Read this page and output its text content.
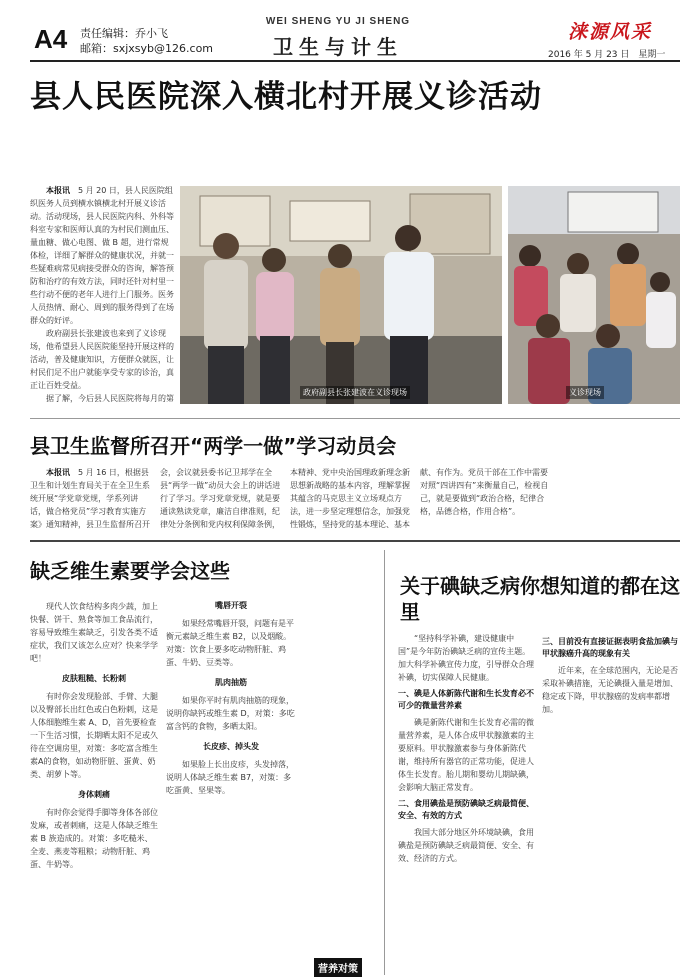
A4 责任编辑：乔小飞
邮箱：sxjxsyb@126.com
WEI SHENG YU JI SHENG
卫生与计生
涞源风采
2016 年 5 月 23 日　星期一
县人民医院深入横北村开展义诊活动

本报讯　 5 月 20 日，县人民医院组织医务人员到横水镇横北村开展义诊活动。活动现场，县人民医院内科、外科等科室专家和医师认真的为村民们测血压、量血糖、做心电图、做 B 超，进行常规体检，详细了解群众的健康状况，并就一些疑难病常见病接受群众的咨询，解答预防和治疗的有效方法，同时还针对村里一些行动不便的老年人进行上门服务。医务人员热情、耐心、周到的服务得到了在场群众的好评。

政府副县长张建波也来到了义诊现场，他希望县人民医院能坚持开展这样的活动，普及健康知识，方便群众就医，让村民们足不出户就能享受专家的诊治，真正让百姓受益。

据了解，今后县人民医院将每月的第

政府副县长张建波在义诊现场	义诊现场
县卫生监督所召开“两学一做”学习动员会

本报讯　 5 月 16 日，根据县卫生和计划生育局关于在全卫生系统开展“学党章党规，学系列讲话，做合格党员”学习教育实施方案》通知精神，县卫生监督所召开

会，会议就县委书记卫邦学在全县“两学一做”动员大会上的讲话进行了学习。学习党章党规，就是要通读熟读党章，廉洁自律准则，纪律处分条例和党内权利保障条例，

本精神、党中央治国理政新理念新思想新战略的基本内容，理解掌握其蕴含的马克思主义立场观点方法，进一步坚定理想信念，加强党性锻炼，坚持党的基本理论、基本

献、有作为。党员干部在工作中需要对照“四讲四有”来衡量自己，检视自己，就是要做到“政治合格，纪律合格，品德合格，作用合格”。

缺乏维生素要学会这些

现代人饮食结构多肉少蔬，加上快餐、饼干、熟食等加工食品流行，容易导致维生素缺乏，引发各类不适症状，我们又该怎么应对？快来学学吧！

皮肤粗糙、长粉刺

有时你会发现脸部、手臂、大腿以及臀部长出红色或白色粉刺，这是人体细胞维生素 A、D，首先要检查一下生活习惯，长期晒太阳不足或久待在空调房里，对策：多吃富含维生素A的食物，如动物肝脏、蛋黄、奶类、胡萝卜等。

身体刺痛

有时你会觉得手脚等身体各部位发麻，或者刺痛，这是人体缺乏维生素 B 族造成的。对策：多吃糙米、全麦、燕麦等粗粮；动物肝脏、鸡蛋、牛奶等。

嘴唇开裂

如果经常嘴唇开裂，问题有是平衡元素缺乏维生素 B2，以及烟酸。对策：饮食上要多吃动物肝脏、鸡蛋、牛奶、豆类等。

肌肉抽筋

如果你平时有肌肉抽筋的现象，说明你缺钙或维生素 D，对策：多吃富含钙的食物，多晒太阳。

长皮疹、掉头发

如果脸上长出皮疹，头发掉落，说明人体缺乏维生素 B7，对策：多吃蛋黄、坚果等。

营养对策
关于碘缺乏病你想知道的都在这里

“坚持科学补碘，建设健康中国”是今年防治碘缺乏病的宣传主题。加大科学补碘宣传力度，引导群众合理补碘，切实保障人民健康。

一、碘是人体新陈代谢和生长发育必不可少的微量营养素

碘是新陈代谢和生长发育必需的微量营养素，是人体合成甲状腺激素的主要原料。甲状腺激素参与身体新陈代谢，维持所有器官的正常功能，促进人体生长发育。胎儿期和婴幼儿期缺碘，会影响大脑正常发育。

二、食用碘盐是预防碘缺乏病最简便、安全、有效的方式

我国大部分地区外环境缺碘，食用碘盐是预防碘缺乏病最简便、安全、有效、经济的方式。

三、目前没有直接证据表明食盐加碘与甲状腺癌升高的现象有关

近年来，在全球范围内，无论是否采取补碘措施，无论碘摄入量是增加、稳定或下降，甲状腺癌的发病率都增加。
